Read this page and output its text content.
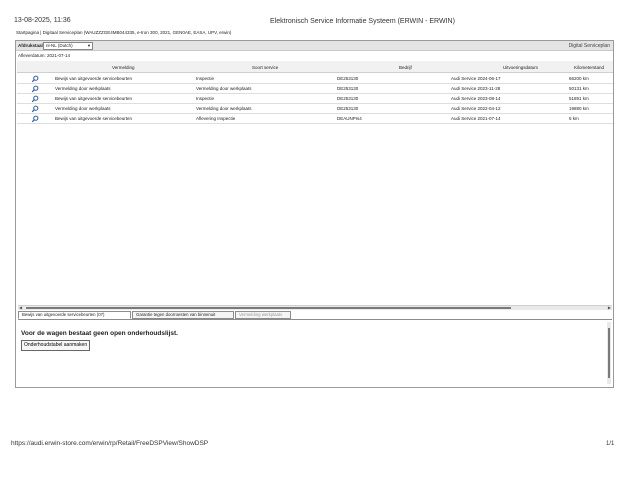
13-08-2025, 11:36	Elektronisch Service Informatie Systeem (ERWIN - ERWIN)
Startpagina | Digitaal Serviceplan (WAUZZZGE4MB044335, e-tron 300, 2021, GEN0AE, EASA, UPV, erwin)
Afdrukstaal nl-NL (Dutch)	▼	Digital Serviceplan
Afleverdatum: 2021-07-14
Vermelding	Soort service	Bedrijf	Uitvoeringsdatum	Kilometerstand
Bewijs van uitgevoerde servicebeurten	Inspectie	DE253130	Audi Service 2024-06-17	66200 km
Vermelding door werkplaats	Vermelding door werkplaats	DE253130	Audi Service 2023-11-28	50131 km
Bewijs van uitgevoerde servicebeurten	Inspectie	DE253130	Audi Service 2023-08-14	51891 km
Vermelding door werkplaats	Vermelding door werkplaats	DE253130	Audi Service 2022-04-12	19880 km
Bewijs van uitgevoerde servicebeurten	Aflevering Inspectie	DEAUNPIs4	Audi Service 2021-07-14	5 km
◀	▶
Bewijs van uitgevoerde servicebeurten (07)	Garantie tegen doorroesten van binnenuit	Vermelding werkplaats
Voor de wagen bestaat geen open onderhoudslijst.
Onderhoudstabel aanmaken
https://audi.erwin-store.com/erwin/rp/Retail/FreeDSPView/ShowDSP	1/1
